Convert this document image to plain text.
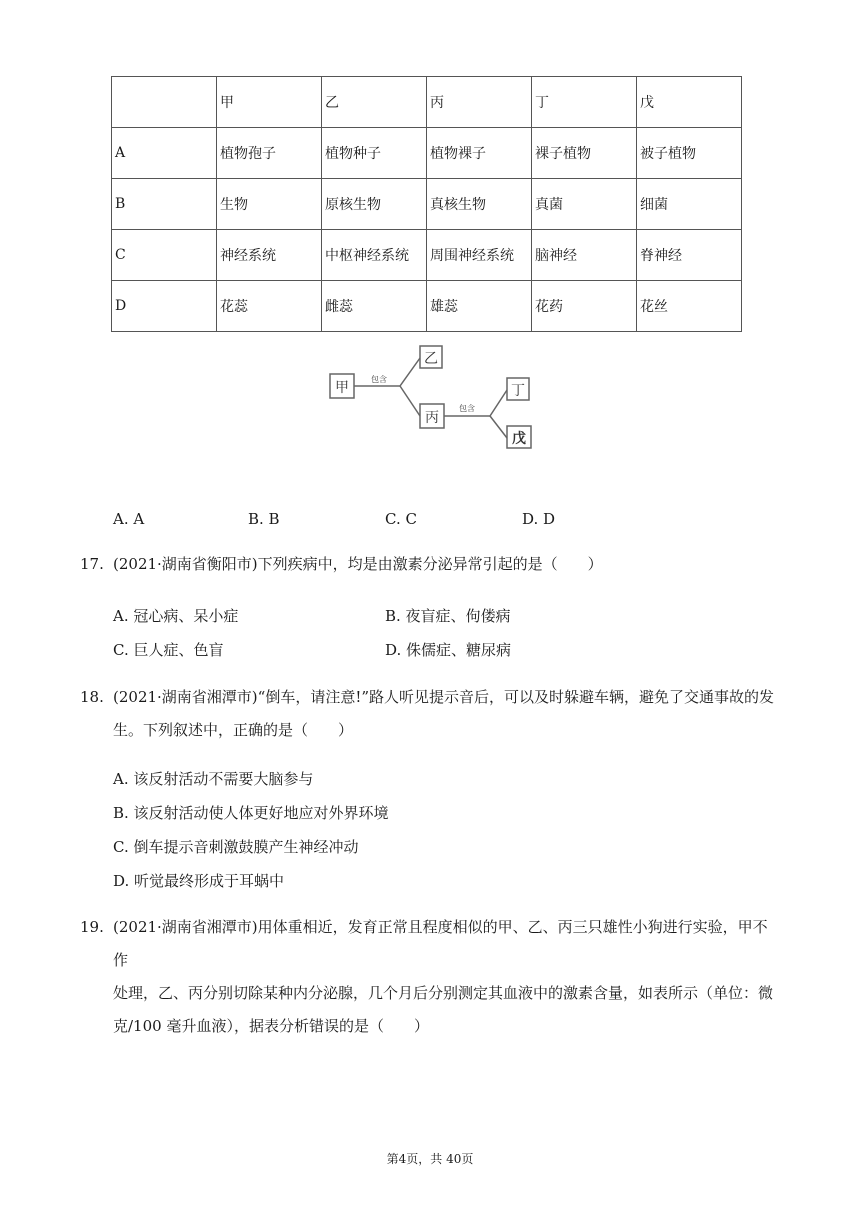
	甲	乙	丙	丁	戊
A	植物孢子	植物种子	植物裸子	裸子植物	被子植物
B	生物	原核生物	真核生物	真菌	细菌
C	神经系统	中枢神经系统	周围神经系统	脑神经	脊神经
D	花蕊	雌蕊	雄蕊	花药	花丝
甲
乙
丙
丁
戊
包含
包含
A. A	B. B	C. C	D. D
17. (2021·湖南省衡阳市)下列疾病中，均是由激素分泌异常引起的是（　　）
A. 冠心病、呆小症	B. 夜盲症、佝偻病
C. 巨人症、色盲	D. 侏儒症、糖尿病
18. (2021·湖南省湘潭市)“倒车，请注意!”路人听见提示音后，可以及时躲避车辆，避免了交通事故的发
生。下列叙述中，正确的是（　　）
A. 该反射活动不需要大脑参与
B. 该反射活动使人体更好地应对外界环境
C. 倒车提示音刺激鼓膜产生神经冲动
D. 听觉最终形成于耳蜗中
19. (2021·湖南省湘潭市)用体重相近，发育正常且程度相似的甲、乙、丙三只雄性小狗进行实验，甲不作
处理，乙、丙分别切除某种内分泌腺，几个月后分别测定其血液中的激素含量，如表所示（单位：微
克/100 毫升血液），据表分析错误的是（　　）
第4页，共 40页
